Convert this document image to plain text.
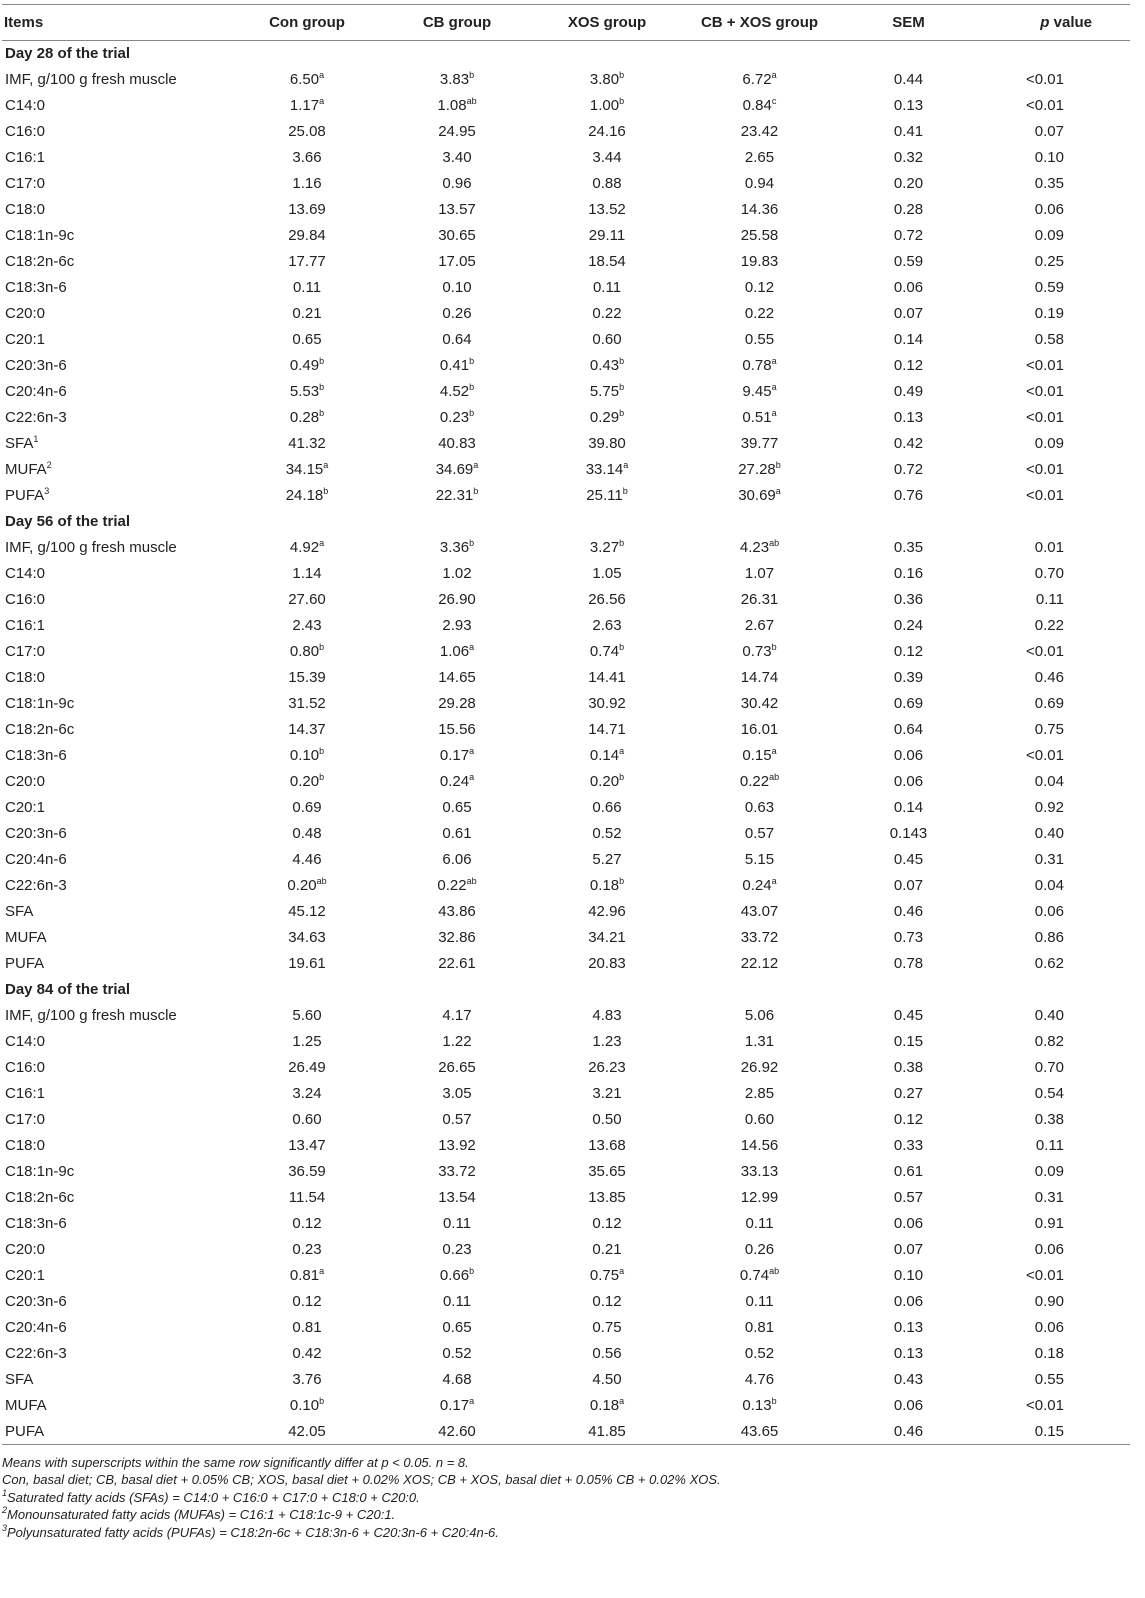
Items	Con group	CB group	XOS group	CB + XOS group	SEM	p value
Day 28 of the trial						
IMF, g/100 g fresh muscle	6.50$^a$	3.83$^b$	3.80$^b$	6.72$^a$	0.44	<0.01
C14:0	1.17$^a$	1.08$^{ab}$	1.00$^b$	0.84$^c$	0.13	<0.01
C16:0	25.08	24.95	24.16	23.42	0.41	0.07
C16:1	3.66	3.40	3.44	2.65	0.32	0.10
C17:0	1.16	0.96	0.88	0.94	0.20	0.35
C18:0	13.69	13.57	13.52	14.36	0.28	0.06
C18:1n-9c	29.84	30.65	29.11	25.58	0.72	0.09
C18:2n-6c	17.77	17.05	18.54	19.83	0.59	0.25
C18:3n-6	0.11	0.10	0.11	0.12	0.06	0.59
C20:0	0.21	0.26	0.22	0.22	0.07	0.19
C20:1	0.65	0.64	0.60	0.55	0.14	0.58
C20:3n-6	0.49$^b$	0.41$^b$	0.43$^b$	0.78$^a$	0.12	<0.01
C20:4n-6	5.53$^b$	4.52$^b$	5.75$^b$	9.45$^a$	0.49	<0.01
C22:6n-3	0.28$^b$	0.23$^b$	0.29$^b$	0.51$^a$	0.13	<0.01
SFA$^1$	41.32	40.83	39.80	39.77	0.42	0.09
MUFA$^2$	34.15$^a$	34.69$^a$	33.14$^a$	27.28$^b$	0.72	<0.01
PUFA$^3$	24.18$^b$	22.31$^b$	25.11$^b$	30.69$^a$	0.76	<0.01
Day 56 of the trial						
IMF, g/100 g fresh muscle	4.92$^a$	3.36$^b$	3.27$^b$	4.23$^{ab}$	0.35	0.01
C14:0	1.14	1.02	1.05	1.07	0.16	0.70
C16:0	27.60	26.90	26.56	26.31	0.36	0.11
C16:1	2.43	2.93	2.63	2.67	0.24	0.22
C17:0	0.80$^b$	1.06$^a$	0.74$^b$	0.73$^b$	0.12	<0.01
C18:0	15.39	14.65	14.41	14.74	0.39	0.46
C18:1n-9c	31.52	29.28	30.92	30.42	0.69	0.69
C18:2n-6c	14.37	15.56	14.71	16.01	0.64	0.75
C18:3n-6	0.10$^b$	0.17$^a$	0.14$^a$	0.15$^a$	0.06	<0.01
C20:0	0.20$^b$	0.24$^a$	0.20$^b$	0.22$^{ab}$	0.06	0.04
C20:1	0.69	0.65	0.66	0.63	0.14	0.92
C20:3n-6	0.48	0.61	0.52	0.57	0.143	0.40
C20:4n-6	4.46	6.06	5.27	5.15	0.45	0.31
C22:6n-3	0.20$^{ab}$	0.22$^{ab}$	0.18$^b$	0.24$^a$	0.07	0.04
SFA	45.12	43.86	42.96	43.07	0.46	0.06
MUFA	34.63	32.86	34.21	33.72	0.73	0.86
PUFA	19.61	22.61	20.83	22.12	0.78	0.62
Day 84 of the trial						
IMF, g/100 g fresh muscle	5.60	4.17	4.83	5.06	0.45	0.40
C14:0	1.25	1.22	1.23	1.31	0.15	0.82
C16:0	26.49	26.65	26.23	26.92	0.38	0.70
C16:1	3.24	3.05	3.21	2.85	0.27	0.54
C17:0	0.60	0.57	0.50	0.60	0.12	0.38
C18:0	13.47	13.92	13.68	14.56	0.33	0.11
C18:1n-9c	36.59	33.72	35.65	33.13	0.61	0.09
C18:2n-6c	11.54	13.54	13.85	12.99	0.57	0.31
C18:3n-6	0.12	0.11	0.12	0.11	0.06	0.91
C20:0	0.23	0.23	0.21	0.26	0.07	0.06
C20:1	0.81$^a$	0.66$^b$	0.75$^a$	0.74$^{ab}$	0.10	<0.01
C20:3n-6	0.12	0.11	0.12	0.11	0.06	0.90
C20:4n-6	0.81	0.65	0.75	0.81	0.13	0.06
C22:6n-3	0.42	0.52	0.56	0.52	0.13	0.18
SFA	3.76	4.68	4.50	4.76	0.43	0.55
MUFA	0.10$^b$	0.17$^a$	0.18$^a$	0.13$^b$	0.06	<0.01
PUFA	42.05	42.60	41.85	43.65	0.46	0.15
Means with superscripts within the same row significantly differ at p < 0.05. n = 8.
Con, basal diet; CB, basal diet + 0.05% CB; XOS, basal diet + 0.02% XOS; CB + XOS, basal diet + 0.05% CB + 0.02% XOS.
$^1$Saturated fatty acids (SFAs) = C14:0 + C16:0 + C17:0 + C18:0 + C20:0.
$^2$Monounsaturated fatty acids (MUFAs) = C16:1 + C18:1c-9 + C20:1.
$^3$Polyunsaturated fatty acids (PUFAs) = C18:2n-6c + C18:3n-6 + C20:3n-6 + C20:4n-6.
